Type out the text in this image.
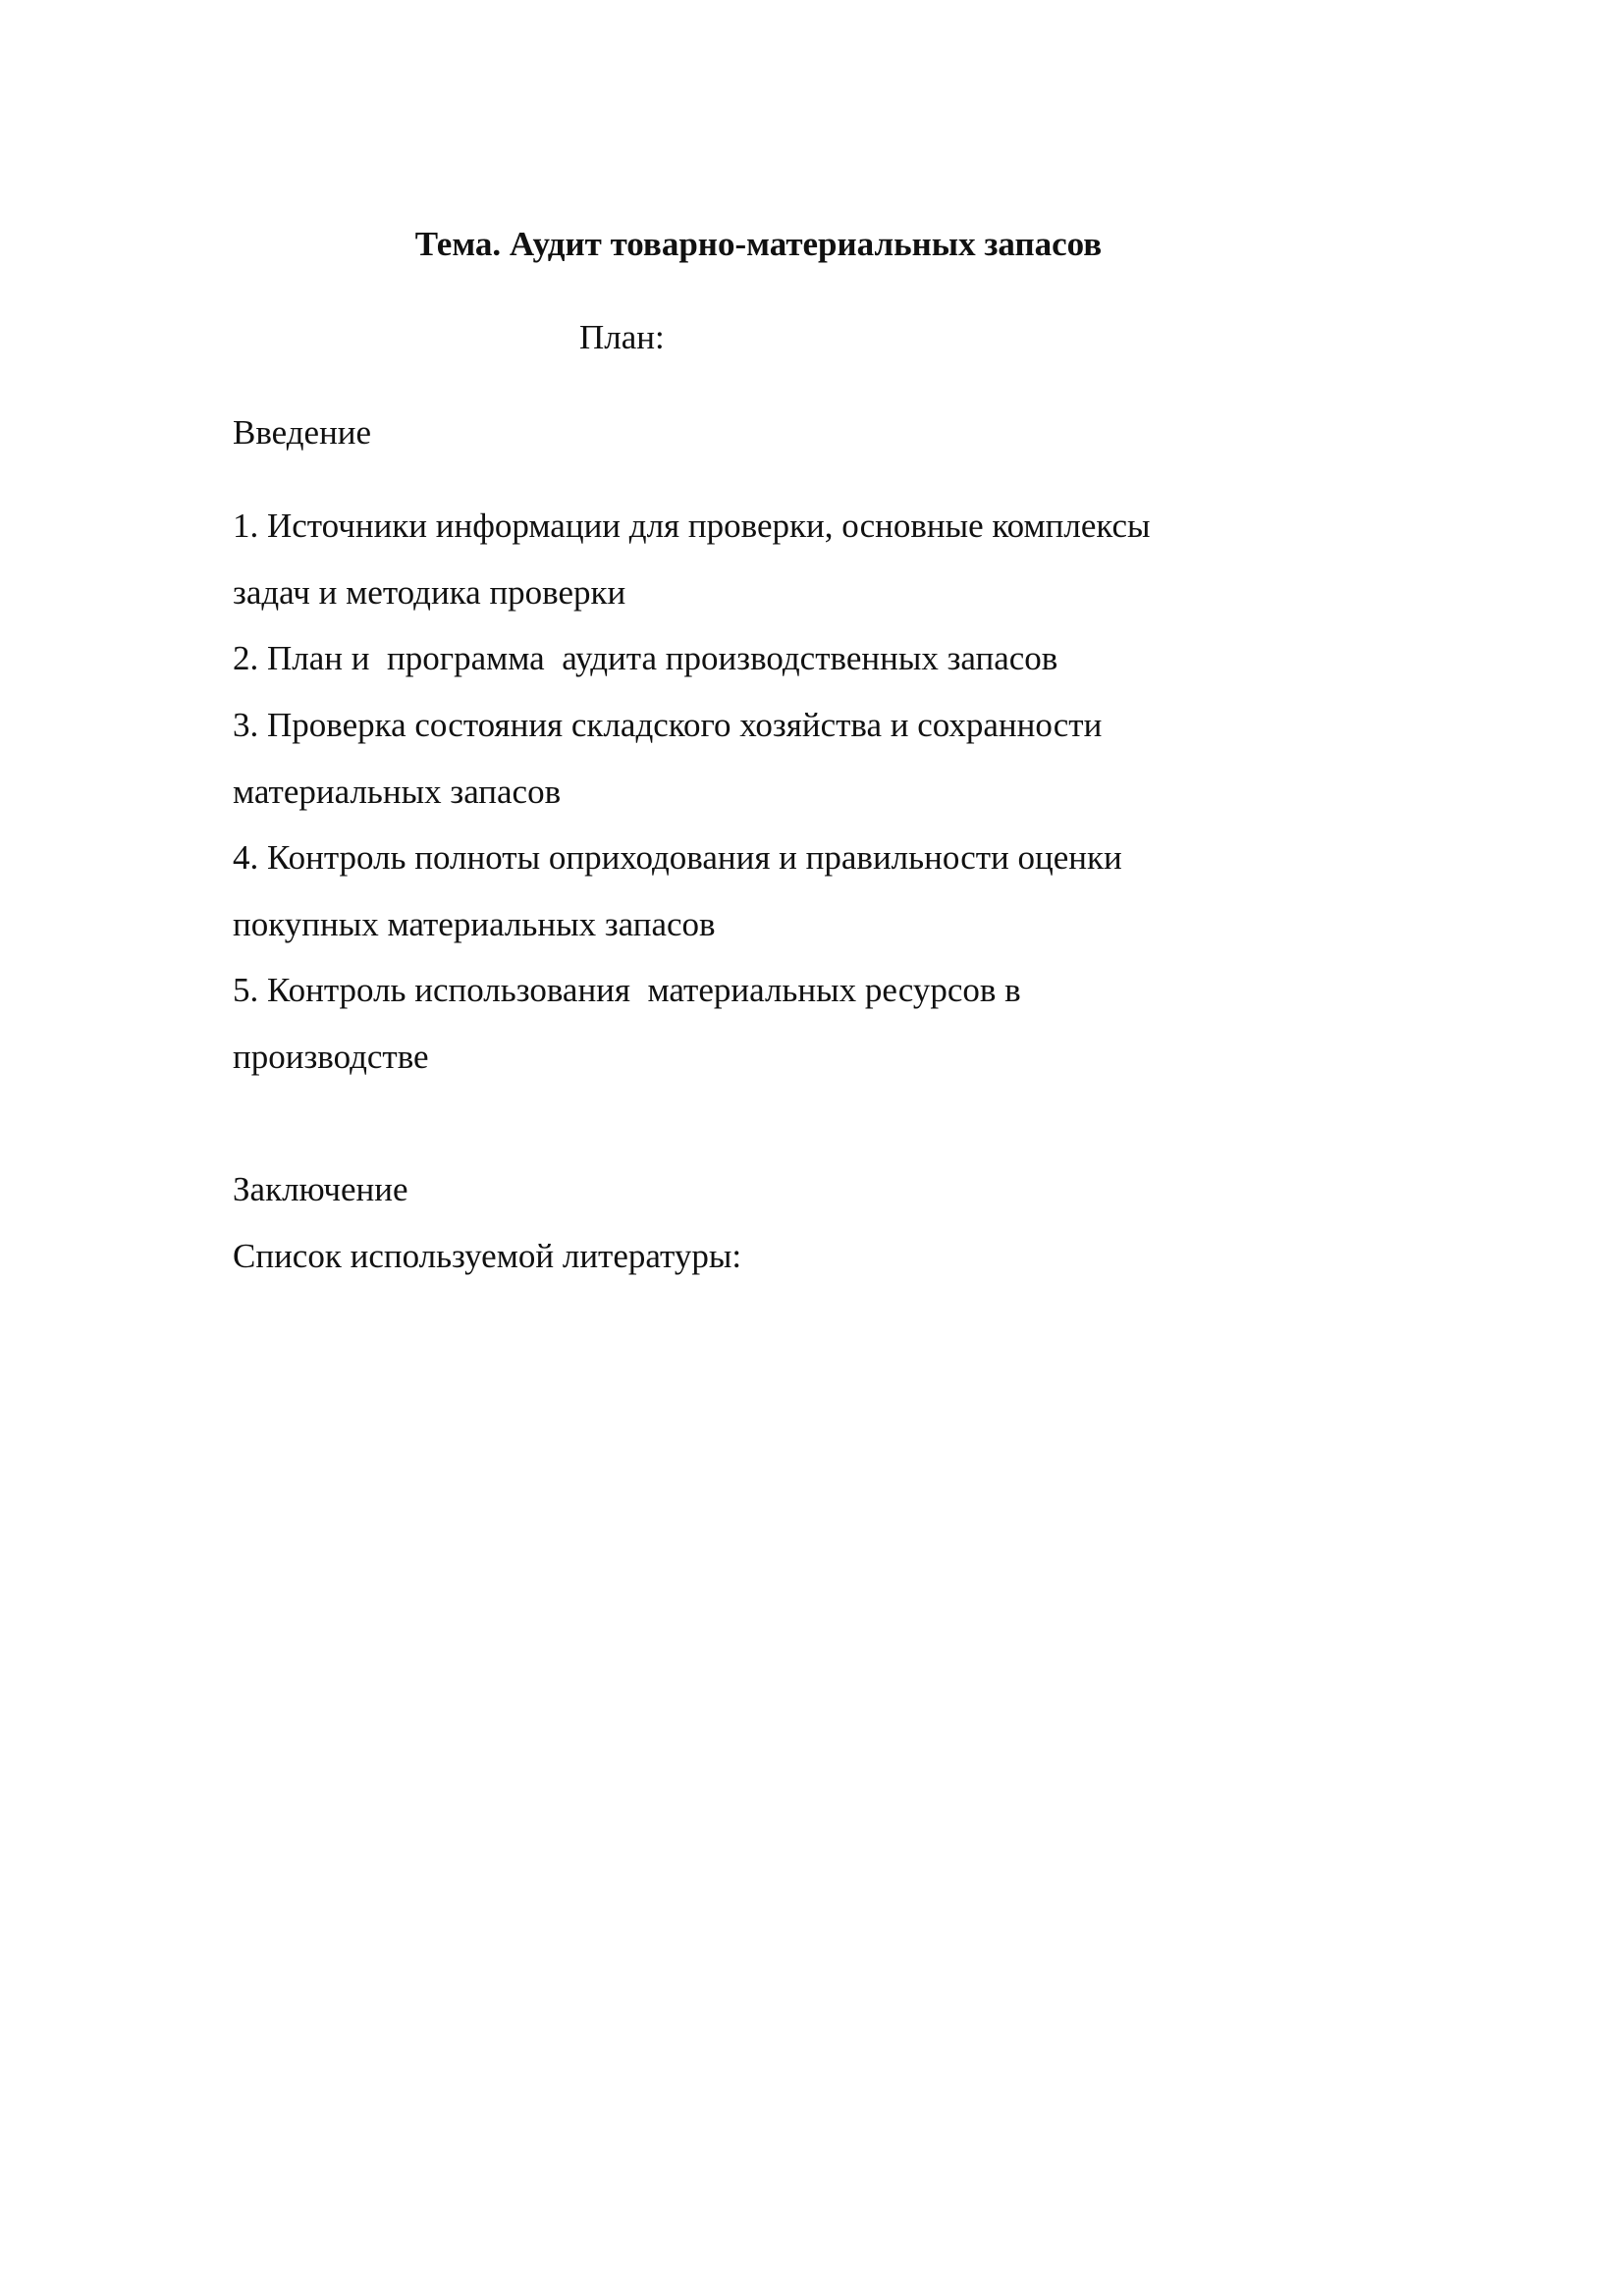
Тема. Аудит товарно-материальных запасов
План:
Введение
1. Источники информации для проверки, основные комплексы
задач и методика проверки
2. План и  программа  аудита производственных запасов
3. Проверка состояния складского хозяйства и сохранности
материальных запасов
4. Контроль полноты оприходования и правильности оценки
покупных материальных запасов
5. Контроль использования  материальных ресурсов в
производстве
Заключение
Список используемой литературы:
